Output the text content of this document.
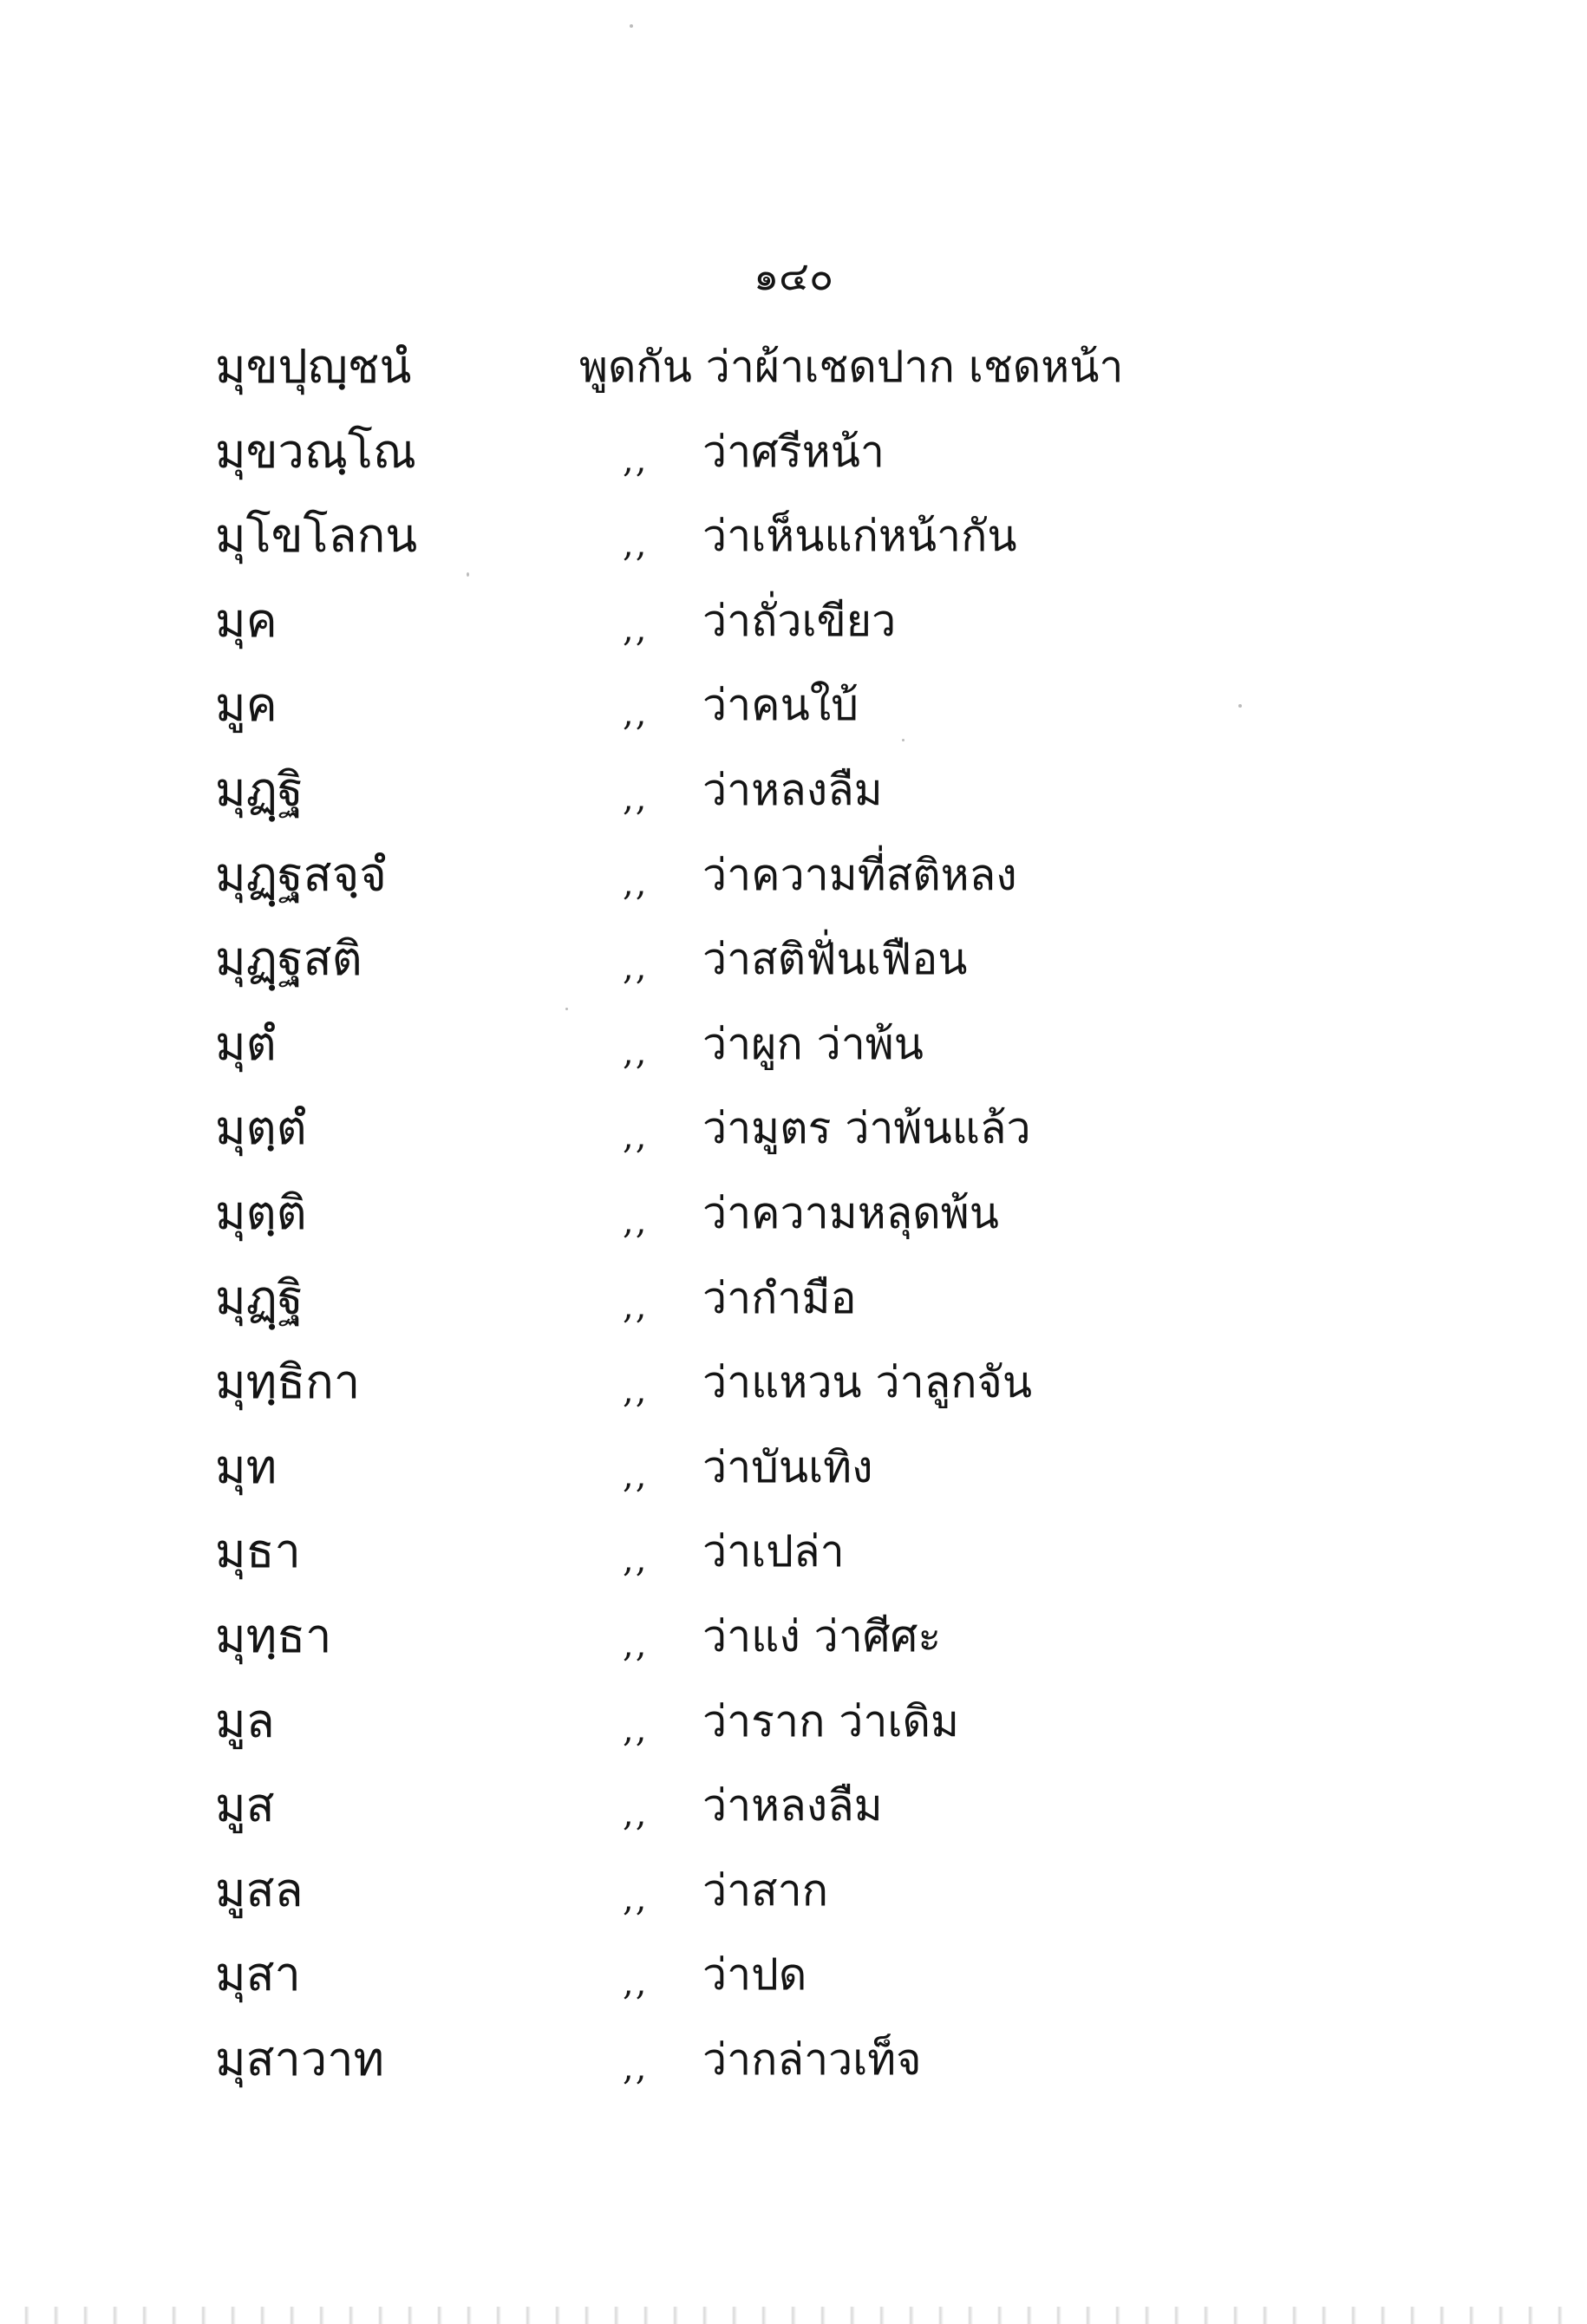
๑๔๐
มุขปุญฺชนํ	พูดกัน ว่าผ้าเชดปาก เชดหน้า
มุขวณฺโณ	,, ว่าศรีหน้า
มุโขโลกน	,, ว่าเห็นแก่หน้ากัน
มุค	,, ว่าถั่วเขียว
มูค	,, ว่าคนใบ้
มุฏฺฐิ	,, ว่าหลงลืม
มุฏฺฐสจฺจํ	,, ว่าความที่สติหลง
มุฏฺฐสติ	,, ว่าสติฟั่นเฟือน
มุตํ	,, ว่าผูก ว่าพ้น
มุตฺตํ	,, ว่ามูตร ว่าพ้นแล้ว
มุตฺติ	,, ว่าความหลุดพ้น
มุฏฺฐิ	,, ว่ากำมือ
มุทฺธิกา	,, ว่าแหวน ว่าลูกจัน
มุท	,, ว่าบันเทิง
มุธา	,, ว่าเปล่า
มุทฺธา	,, ว่าแง่ ว่าศีศะ
มูล	,, ว่าราก ว่าเดิม
มูส	,, ว่าหลงลืม
มูสล	,, ว่าสาก
มุสา	,, ว่าปด
มุสาวาท	,, ว่ากล่าวเท็จ
